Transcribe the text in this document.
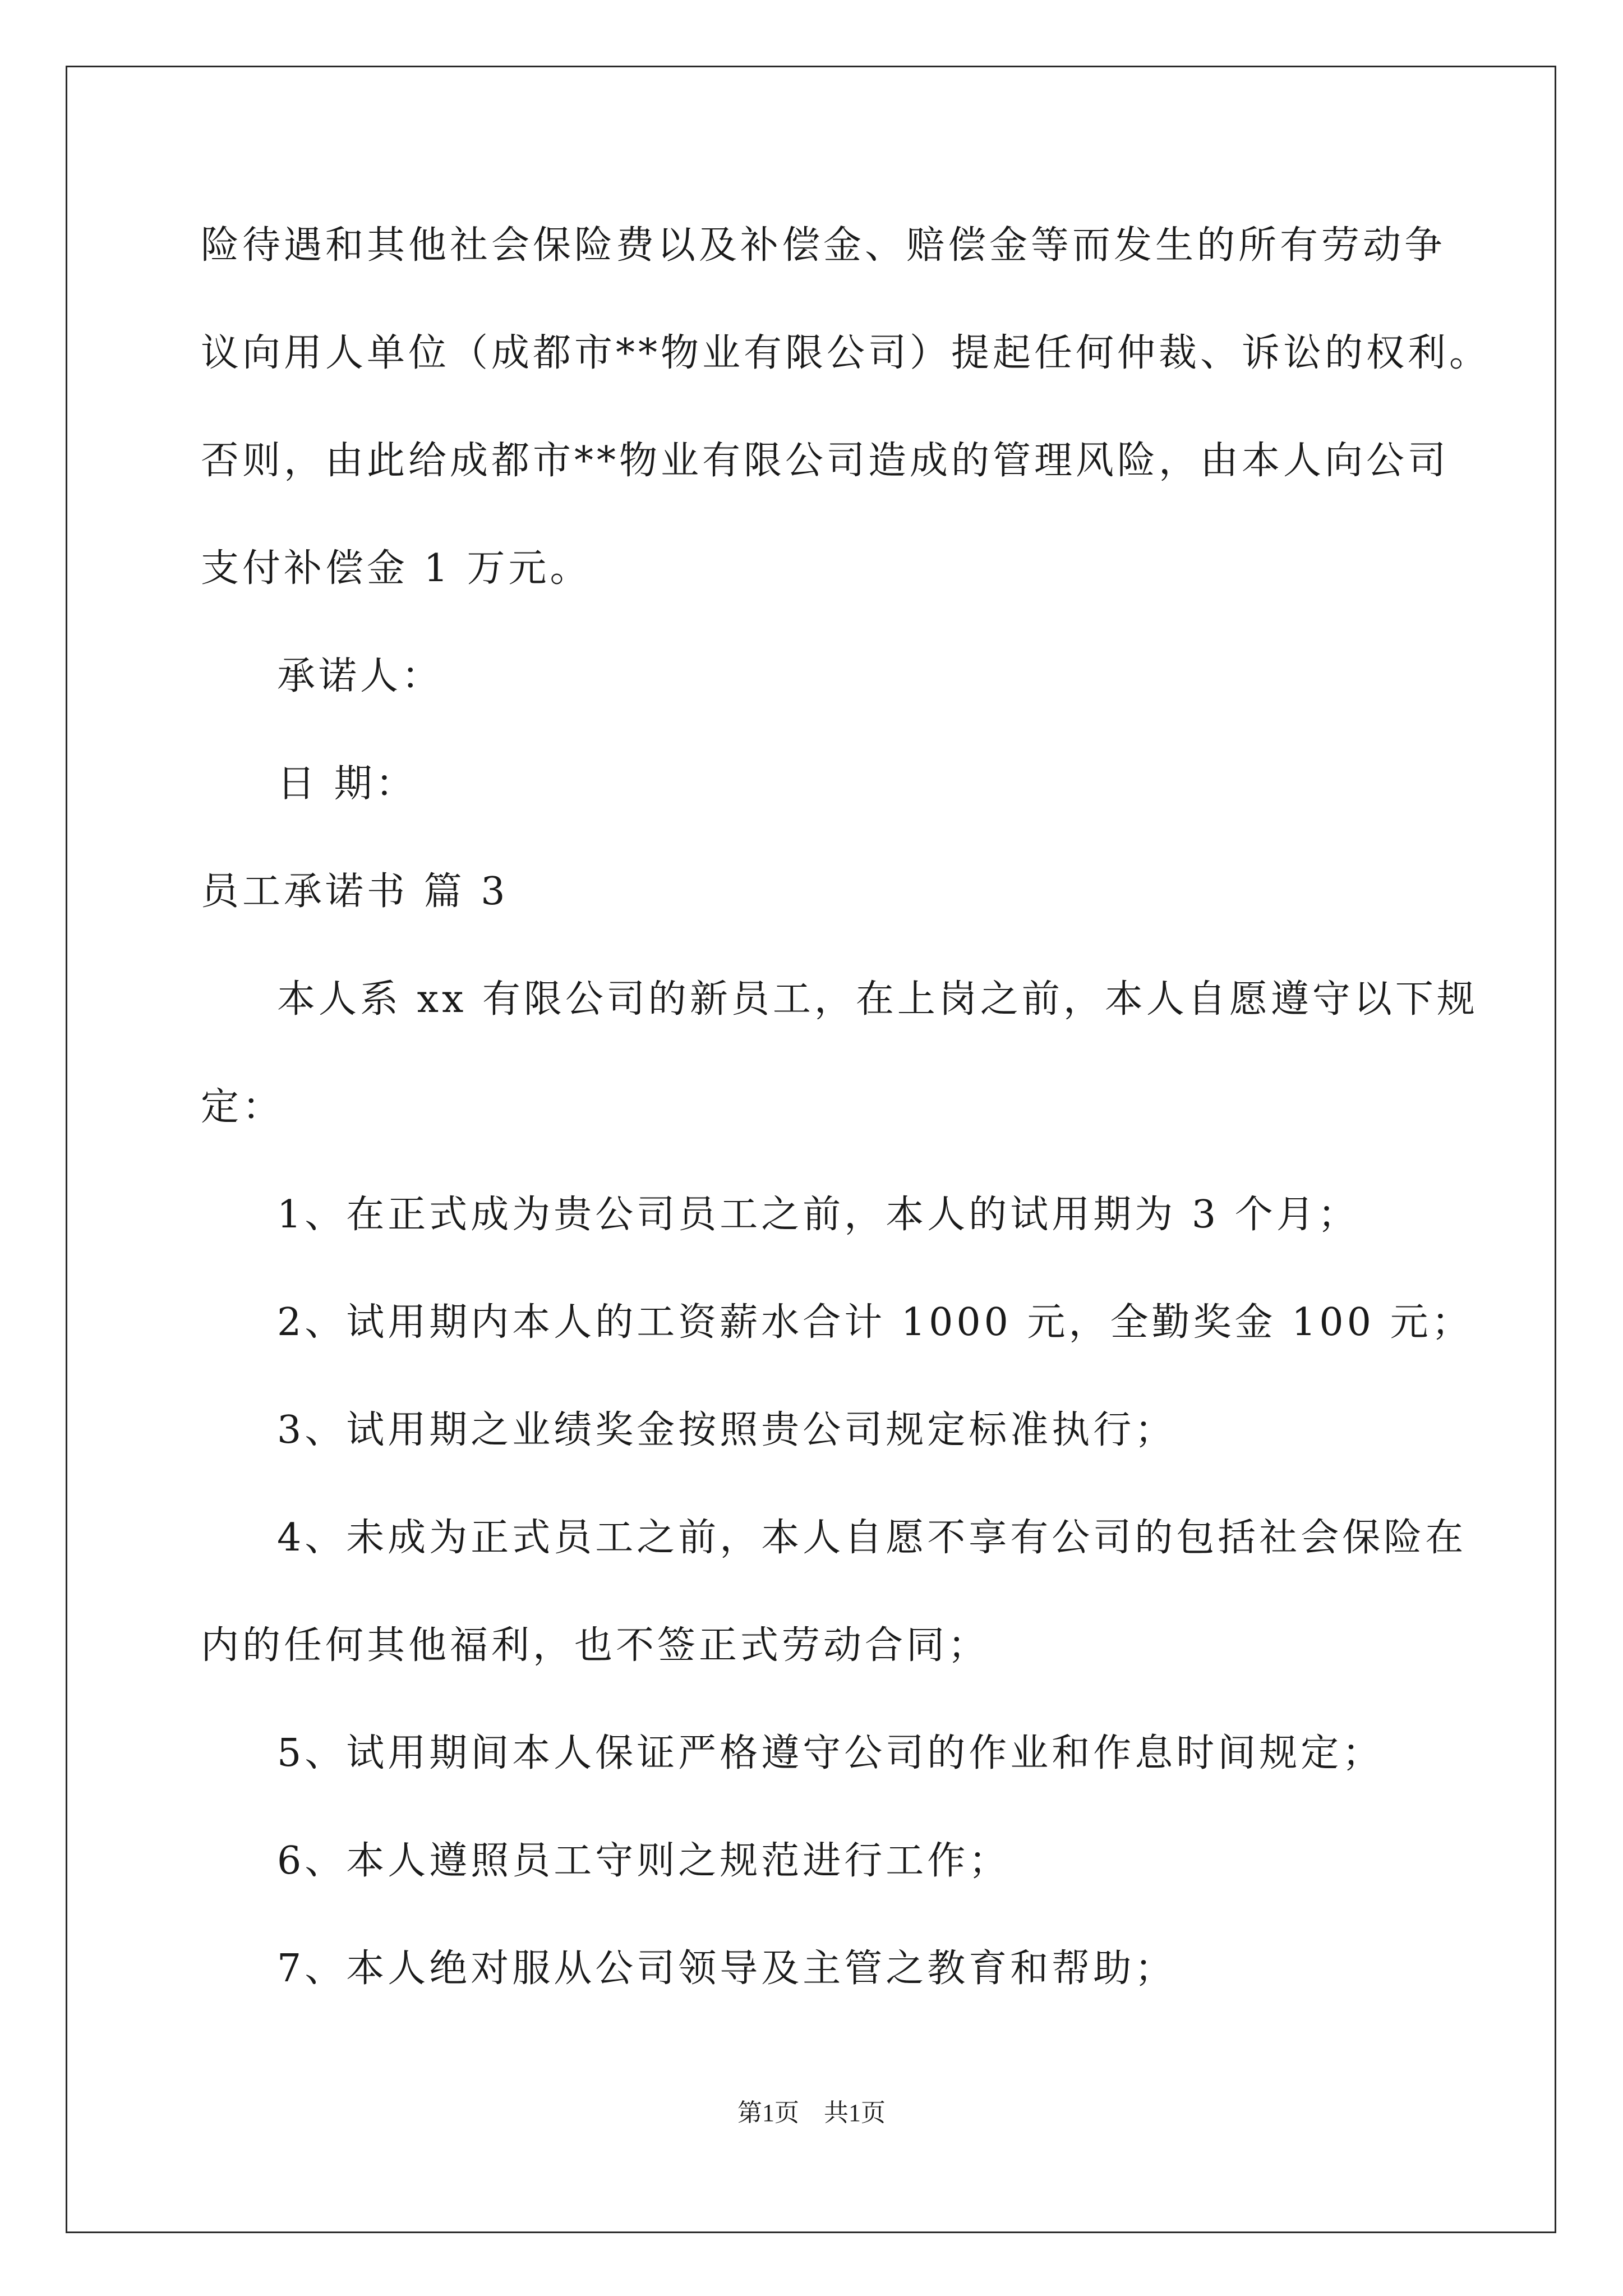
险待遇和其他社会保险费以及补偿金、赔偿金等而发生的所有劳动争
议向用人单位（成都市**物业有限公司）提起任何仲裁、诉讼的权利。
否则，由此给成都市**物业有限公司造成的管理风险，由本人向公司
支付补偿金 1 万元。
承诺人：
日 期：
员工承诺书 篇 3
本人系 xx 有限公司的新员工，在上岗之前，本人自愿遵守以下规
定：
1、在正式成为贵公司员工之前，本人的试用期为 3 个月；
2、试用期内本人的工资薪水合计 1000 元，全勤奖金 100 元；
3、试用期之业绩奖金按照贵公司规定标准执行；
4、未成为正式员工之前，本人自愿不享有公司的包括社会保险在
内的任何其他福利，也不签正式劳动合同；
5、试用期间本人保证严格遵守公司的作业和作息时间规定；
6、本人遵照员工守则之规范进行工作；
7、本人绝对服从公司领导及主管之教育和帮助；
第1页　共1页
